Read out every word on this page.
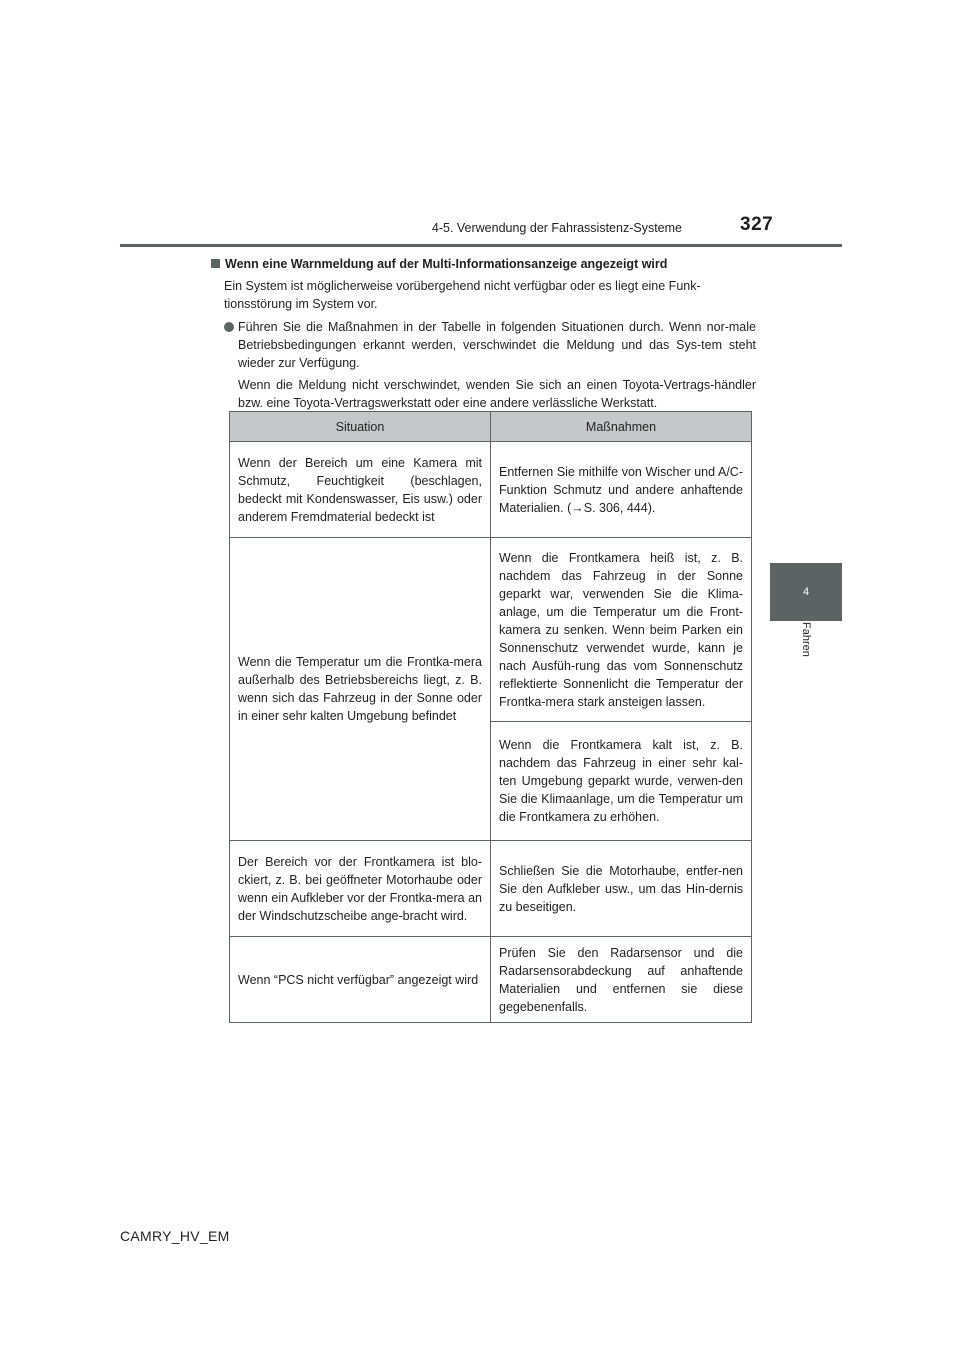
4-5. Verwendung der Fahrassistenz-Systeme	327
4
Fahren

Wenn eine Warnmeldung auf der Multi-Informationsanzeige angezeigt wird

Ein System ist möglicherweise vorübergehend nicht verfügbar oder es liegt eine Funk-tionsstörung im System vor.

Führen Sie die Maßnahmen in der Tabelle in folgenden Situationen durch. Wenn nor-male Betriebsbedingungen erkannt werden, verschwindet die Meldung und das Sys-tem steht wieder zur Verfügung.

Wenn die Meldung nicht verschwindet, wenden Sie sich an einen Toyota-Vertrags-händler bzw. eine Toyota-Vertragswerkstatt oder eine andere verlässliche Werkstatt.

Situation	Maßnahmen
Wenn der Bereich um eine Kamera mit Schmutz, Feuchtigkeit (beschlagen, bedeckt mit Kondenswasser, Eis usw.) oder anderem Fremdmaterial bedeckt ist	Entfernen Sie mithilfe von Wischer und A/C-Funktion Schmutz und andere anhaftende Materialien. (→S. 306, 444).
Wenn die Temperatur um die Frontka-mera außerhalb des Betriebsbereichs liegt, z. B. wenn sich das Fahrzeug in der Sonne oder in einer sehr kalten Umgebung befindet	Wenn die Frontkamera heiß ist, z. B. nachdem das Fahrzeug in der Sonne geparkt war, verwenden Sie die Klima-anlage, um die Temperatur um die Front-kamera zu senken. Wenn beim Parken ein Sonnenschutz verwendet wurde, kann je nach Ausfüh-rung das vom Sonnenschutz reflektierte Sonnenlicht die Temperatur der Frontka-mera stark ansteigen lassen.
	Wenn die Frontkamera kalt ist, z. B. nachdem das Fahrzeug in einer sehr kal-ten Umgebung geparkt wurde, verwen-den Sie die Klimaanlage, um die Temperatur um die Frontkamera zu erhöhen.
Der Bereich vor der Frontkamera ist blo-ckiert, z. B. bei geöffneter Motorhaube oder wenn ein Aufkleber vor der Frontka-mera an der Windschutzscheibe ange-bracht wird.	Schließen Sie die Motorhaube, entfer-nen Sie den Aufkleber usw., um das Hin-dernis zu beseitigen.
Wenn “PCS nicht verfügbar” angezeigt wird	Prüfen Sie den Radarsensor und die Radarsensorabdeckung auf anhaftende Materialien und entfernen sie diese gegebenenfalls.
CAMRY_HV_EM
